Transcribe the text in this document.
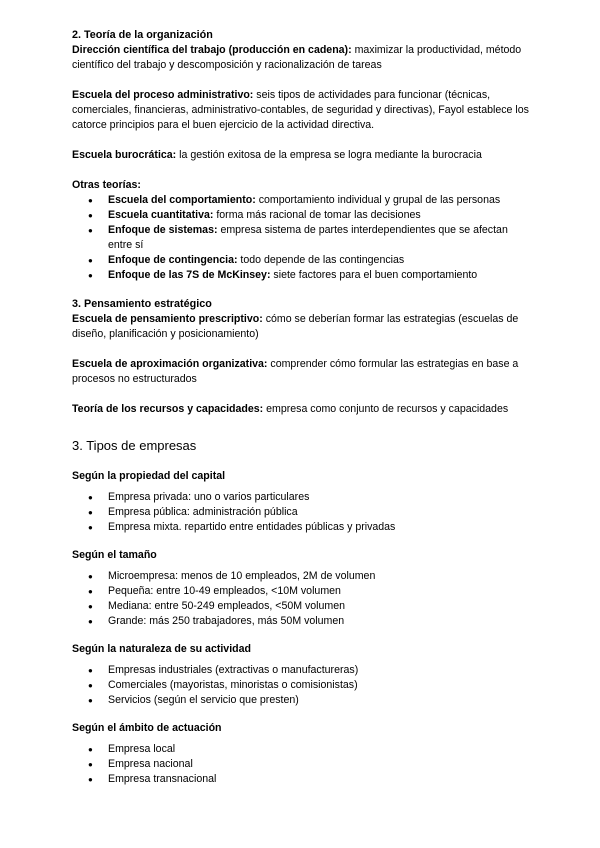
2. Teoría de la organización

Dirección científica del trabajo (producción en cadena): maximizar la productividad, método científico del trabajo y descomposición y racionalización de tareas

Escuela del proceso administrativo: seis tipos de actividades para funcionar (técnicas, comerciales, financieras, administrativo-contables, de seguridad y directivas), Fayol establece los catorce principios para el buen ejercicio de la actividad directiva.

Escuela burocrática: la gestión exitosa de la empresa se logra mediante la burocracia

Otras teorías:

● Escuela del comportamiento: comportamiento individual y grupal de las personas
● Escuela cuantitativa: forma más racional de tomar las decisiones
● Enfoque de sistemas: empresa sistema de partes interdependientes que se afectan entre sí
● Enfoque de contingencia: todo depende de las contingencias
● Enfoque de las 7S de McKinsey: siete factores para el buen comportamiento

3. Pensamiento estratégico

Escuela de pensamiento prescriptivo: cómo se deberían formar las estrategias (escuelas de diseño, planificación y posicionamiento)

Escuela de aproximación organizativa: comprender cómo formular las estrategias en base a procesos no estructurados

Teoría de los recursos y capacidades: empresa como conjunto de recursos y capacidades

3. Tipos de empresas

Según la propiedad del capital

● Empresa privada: uno o varios particulares
● Empresa pública: administración pública
● Empresa mixta. repartido entre entidades públicas y privadas

Según el tamaño

● Microempresa: menos de 10 empleados, 2M de volumen
● Pequeña: entre 10-49 empleados, <10M volumen
● Mediana: entre 50-249 empleados, <50M volumen
● Grande: más 250 trabajadores, más 50M volumen

Según la naturaleza de su actividad

● Empresas industriales (extractivas o manufactureras)
● Comerciales (mayoristas, minoristas o comisionistas)
● Servicios (según el servicio que presten)

Según el ámbito de actuación

● Empresa local
● Empresa nacional
● Empresa transnacional
